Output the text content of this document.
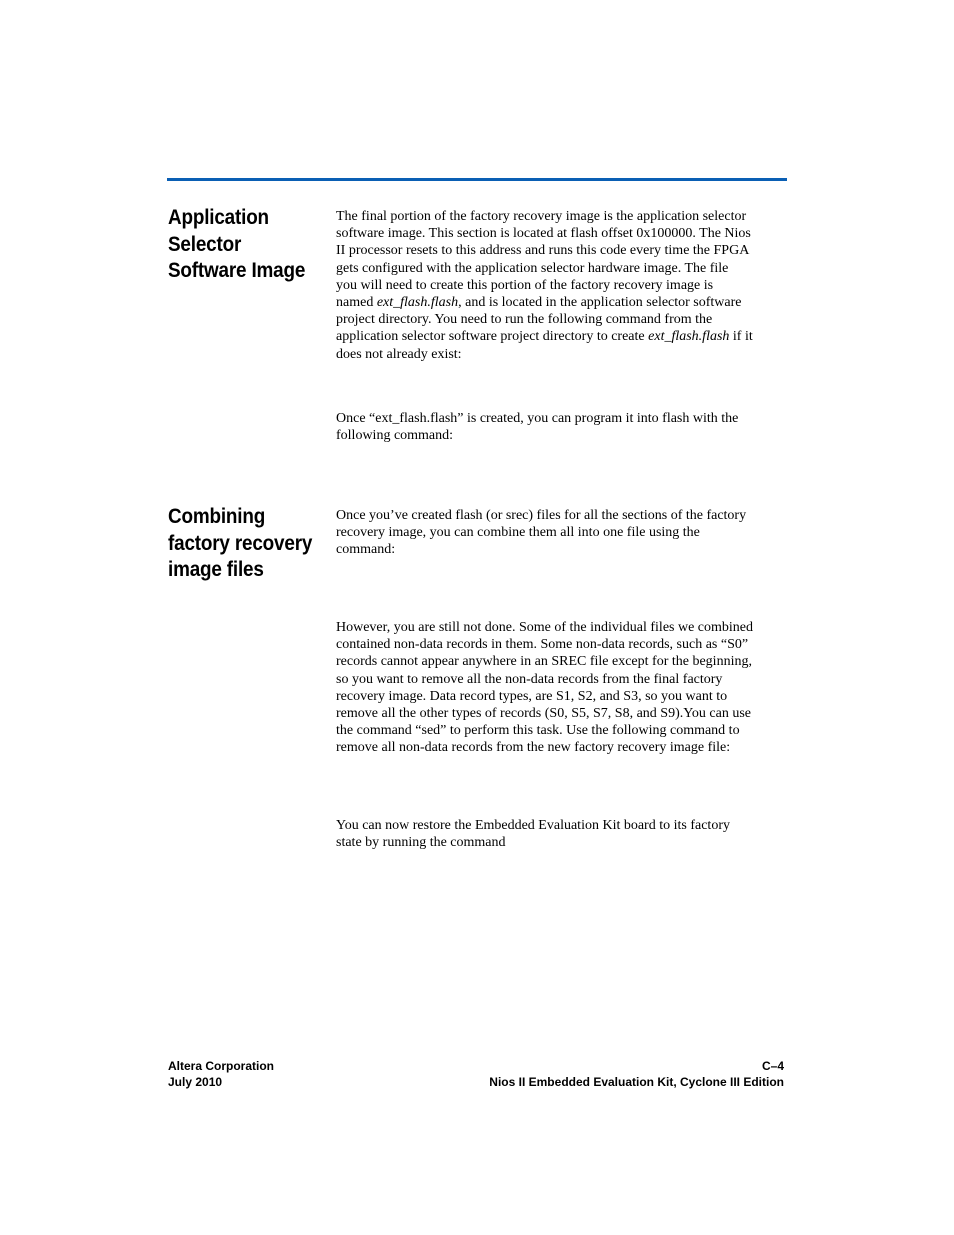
Application
Selector
Software Image
The final portion of the factory recovery image is the application selector
software image. This section is located at flash offset 0x100000. The Nios
II processor resets to this address and runs this code every time the FPGA
gets configured with the application selector hardware image. The file
you will need to create this portion of the factory recovery image is
named ext_flash.flash, and is located in the application selector software
project directory. You need to run the following command from the
application selector software project directory to create ext_flash.flash if it
does not already exist:
Once “ext_flash.flash” is created, you can program it into flash with the
following command:
Combining
factory recovery
image files
Once you’ve created flash (or srec) files for all the sections of the factory
recovery image, you can combine them all into one file using the
command:
However, you are still not done. Some of the individual files we combined
contained non-data records in them. Some non-data records, such as “S0”
records cannot appear anywhere in an SREC file except for the beginning,
so you want to remove all the non-data records from the final factory
recovery image. Data record types, are S1, S2, and S3, so you want to
remove all the other types of records (S0, S5, S7, S8, and S9).You can use
the command “sed” to perform this task. Use the following command to
remove all non-data records from the new factory recovery image file:
You can now restore the Embedded Evaluation Kit board to its factory
state by running the command
Altera Corporation
July 2010
C–4
Nios II Embedded Evaluation Kit, Cyclone III Edition
